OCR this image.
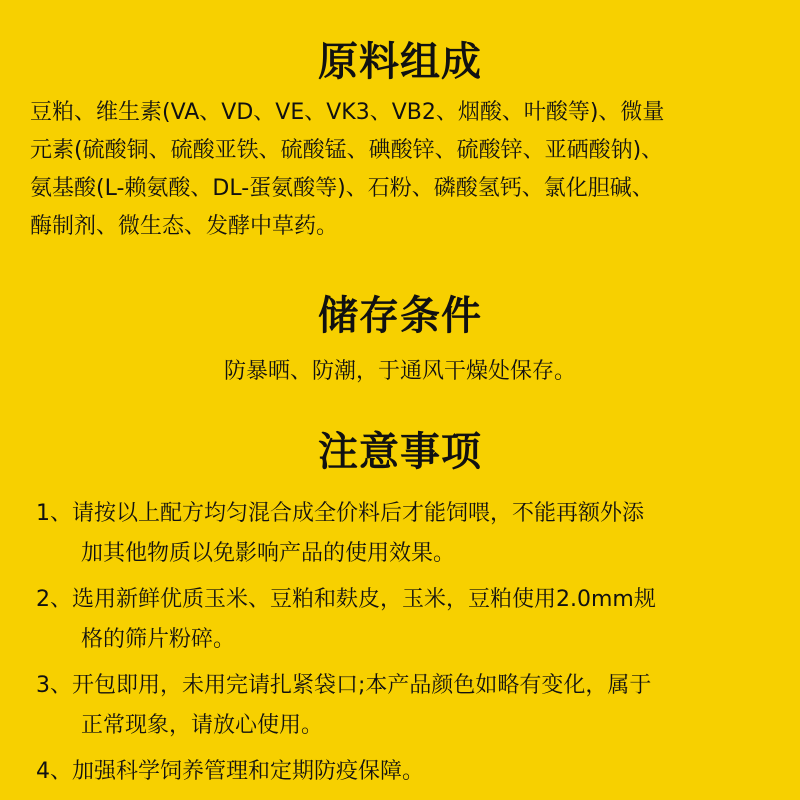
原料组成
豆粕、维生素(VA、VD、VE、VK3、VB2、烟酸、叶酸等)、微量
元素(硫酸铜、硫酸亚铁、硫酸锰、碘酸锌、硫酸锌、亚硒酸钠)、
氨基酸(L-赖氨酸、DL-蛋氨酸等)、石粉、磷酸氢钙、氯化胆碱、
酶制剂、微生态、发酵中草药。
储存条件
防暴晒、防潮，于通风干燥处保存。
注意事项
1、请按以上配方均匀混合成全价料后才能饲喂，不能再额外添
加其他物质以免影响产品的使用效果。
2、选用新鲜优质玉米、豆粕和麸皮，玉米，豆粕使用2.0mm规
格的筛片粉碎。
3、开包即用，未用完请扎紧袋口;本产品颜色如略有变化，属于
正常现象，请放心使用。
4、加强科学饲养管理和定期防疫保障。
